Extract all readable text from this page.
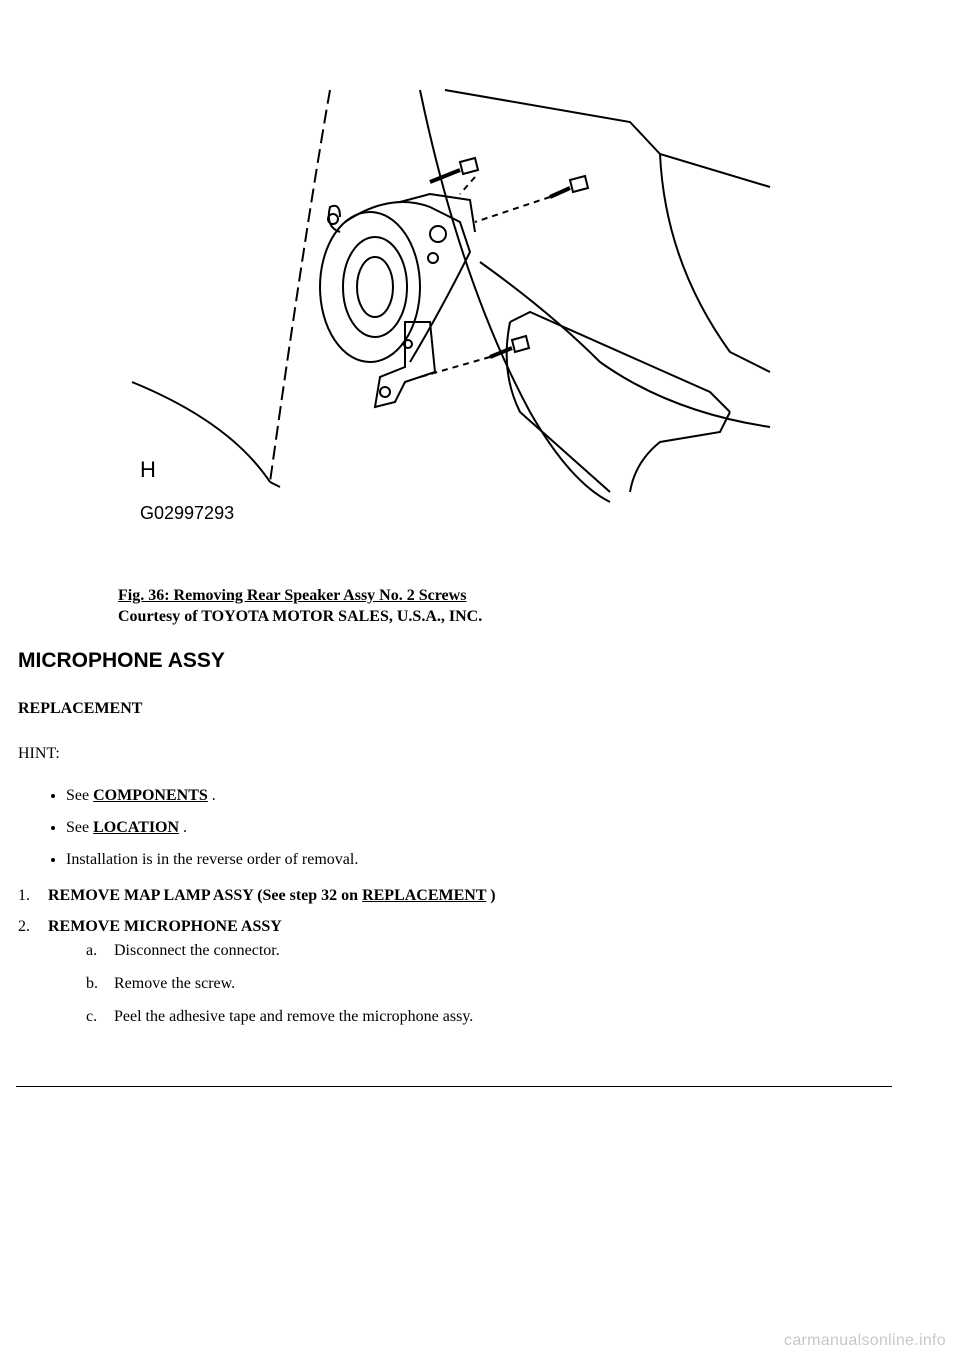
H
G02997293
Fig. 36: Removing Rear Speaker Assy No. 2 Screws
Courtesy of TOYOTA MOTOR SALES, U.S.A., INC.
MICROPHONE ASSY
REPLACEMENT
HINT:
• See COMPONENTS .
• See LOCATION .
• Installation is in the reverse order of removal.
1. REMOVE MAP LAMP ASSY (See step 32 on REPLACEMENT )
2. REMOVE MICROPHONE ASSY
a. Disconnect the connector.
b. Remove the screw.
c. Peel the adhesive tape and remove the microphone assy.
carmanualsonline.info
